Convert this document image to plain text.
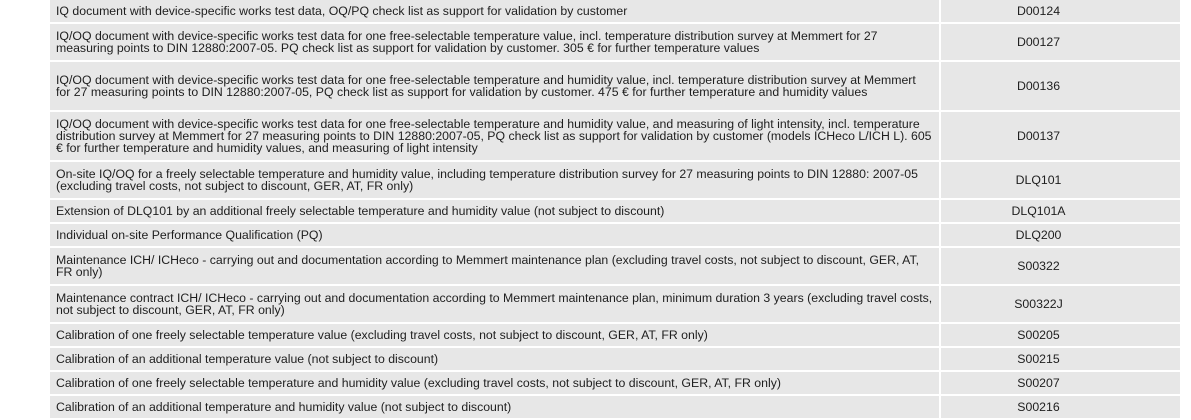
IQ document with device-specific works test data, OQ/PQ check list as support for validation by customer	D00124
IQ/OQ document with device-specific works test data for one free-selectable temperature value, incl. temperature distribution survey at Memmert for 27 measuring points to DIN 12880:2007-05. PQ check list as support for validation by customer. 305 € for further temperature values	D00127
IQ/OQ document with device-specific works test data for one free-selectable temperature and humidity value, incl. temperature distribution survey at Memmert for 27 measuring points to DIN 12880:2007-05, PQ check list as support for validation by customer. 475 € for further temperature and humidity values	D00136
IQ/OQ document with device-specific works test data for one free-selectable temperature and humidity value, and measuring of light intensity, incl. temperature distribution survey at Memmert for 27 measuring points to DIN 12880:2007-05, PQ check list as support for validation by customer (models ICHeco L/ICH L). 605 € for further temperature and humidity values, and measuring of light intensity	D00137
On-site IQ/OQ for a freely selectable temperature and humidity value, including temperature distribution survey for 27 measuring points to DIN 12880: 2007-05 (excluding travel costs, not subject to discount, GER, AT, FR only)	DLQ101
Extension of DLQ101 by an additional freely selectable temperature and humidity value (not subject to discount)	DLQ101A
Individual on-site Performance Qualification (PQ)	DLQ200
Maintenance ICH/ ICHeco - carrying out and documentation according to Memmert maintenance plan (excluding travel costs, not subject to discount, GER, AT, FR only)	S00322
Maintenance contract ICH/ ICHeco - carrying out and documentation according to Memmert maintenance plan, minimum duration 3 years (excluding travel costs, not subject to discount, GER, AT, FR only)	S00322J
Calibration of one freely selectable temperature value (excluding travel costs, not subject to discount, GER, AT, FR only)	S00205
Calibration of an additional temperature value (not subject to discount)	S00215
Calibration of one freely selectable temperature and humidity value (excluding travel costs, not subject to discount, GER, AT, FR only)	S00207
Calibration of an additional temperature and humidity value (not subject to discount)	S00216
